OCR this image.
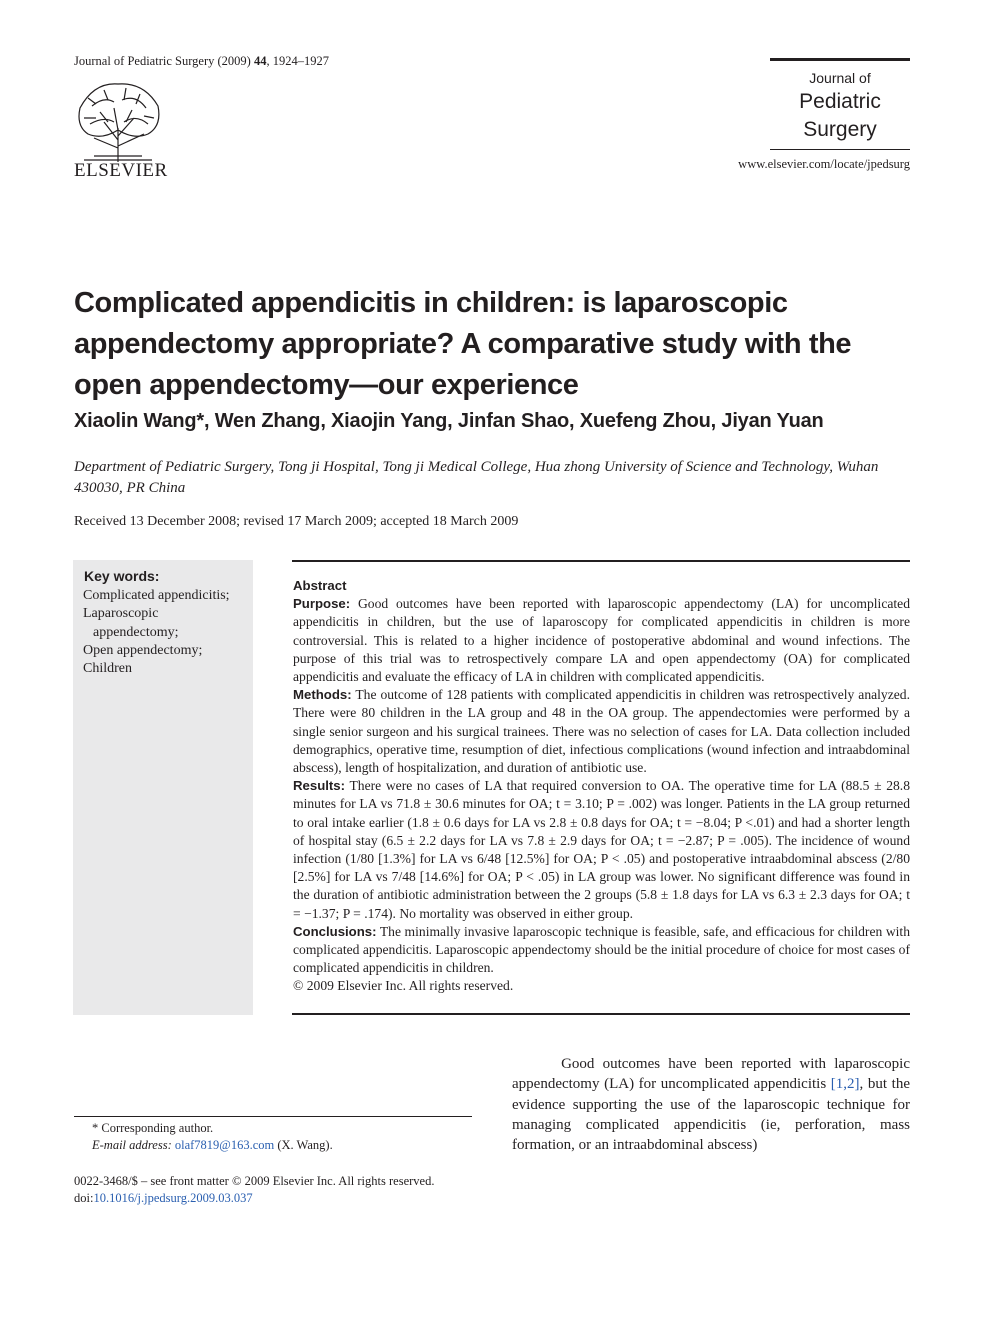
Journal of Pediatric Surgery (2009) 44, 1924–1927
ELSEVIER
Journal of
Pediatric
Surgery
www.elsevier.com/locate/jpedsurg
Complicated appendicitis in children: is laparoscopic appendectomy appropriate? A comparative study with the open appendectomy—our experience
Xiaolin Wang*, Wen Zhang, Xiaojin Yang, Jinfan Shao, Xuefeng Zhou, Jiyan Yuan
Department of Pediatric Surgery, Tong ji Hospital, Tong ji Medical College, Hua zhong University of Science and Technology, Wuhan 430030, PR China
Received 13 December 2008; revised 17 March 2009; accepted 18 March 2009
Key words:
Complicated appendicitis;
Laparoscopic
appendectomy;
Open appendectomy;
Children
Abstract

Purpose: Good outcomes have been reported with laparoscopic appendectomy (LA) for uncomplicated appendicitis in children, but the use of laparoscopy for complicated appendicitis in children is more controversial. This is related to a higher incidence of postoperative abdominal and wound infections. The purpose of this trial was to retrospectively compare LA and open appendectomy (OA) for complicated appendicitis and evaluate the efficacy of LA in children with complicated appendicitis.

Methods: The outcome of 128 patients with complicated appendicitis in children was retrospectively analyzed. There were 80 children in the LA group and 48 in the OA group. The appendectomies were performed by a single senior surgeon and his surgical trainees. There was no selection of cases for LA. Data collection included demographics, operative time, resumption of diet, infectious complications (wound infection and intraabdominal abscess), length of hospitalization, and duration of antibiotic use.

Results: There were no cases of LA that required conversion to OA. The operative time for LA (88.5 ± 28.8 minutes for LA vs 71.8 ± 30.6 minutes for OA; t = 3.10; P = .002) was longer. Patients in the LA group returned to oral intake earlier (1.8 ± 0.6 days for LA vs 2.8 ± 0.8 days for OA; t = −8.04; P <.01) and had a shorter length of hospital stay (6.5 ± 2.2 days for LA vs 7.8 ± 2.9 days for OA; t = −2.87; P = .005). The incidence of wound infection (1/80 [1.3%] for LA vs 6/48 [12.5%] for OA; P < .05) and postoperative intraabdominal abscess (2/80 [2.5%] for LA vs 7/48 [14.6%] for OA; P < .05) in LA group was lower. No significant difference was found in the duration of antibiotic administration between the 2 groups (5.8 ± 1.8 days for LA vs 6.3 ± 2.3 days for OA; t = −1.37; P = .174). No mortality was observed in either group.

Conclusions: The minimally invasive laparoscopic technique is feasible, safe, and efficacious for children with complicated appendicitis. Laparoscopic appendectomy should be the initial procedure of choice for most cases of complicated appendicitis in children.

© 2009 Elsevier Inc. All rights reserved.

Good outcomes have been reported with laparoscopic appendectomy (LA) for uncomplicated appendicitis [1,2], but the evidence supporting the use of the laparoscopic technique for managing complicated appendicitis (ie, perforation, mass formation, or an intraabdominal abscess)
* Corresponding author.
E-mail address: olaf7819@163.com (X. Wang).
0022-3468/$ – see front matter © 2009 Elsevier Inc. All rights reserved.
doi:10.1016/j.jpedsurg.2009.03.037
